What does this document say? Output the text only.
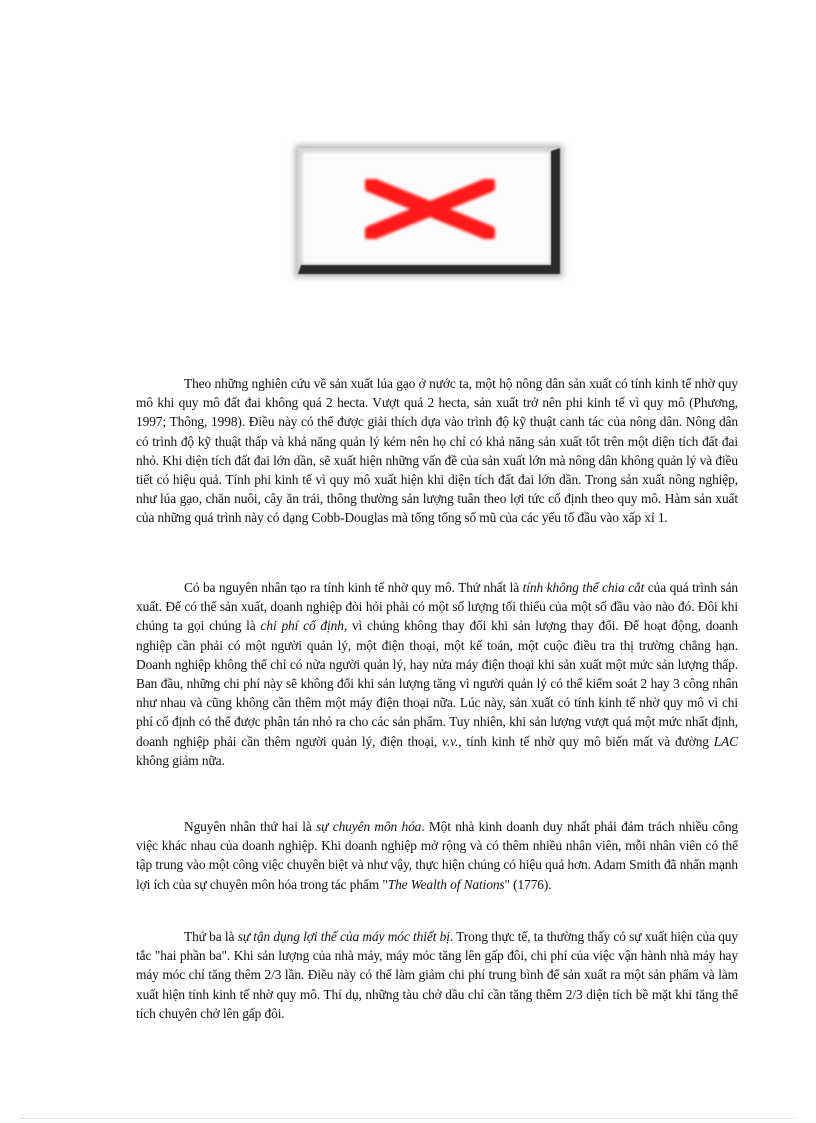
Theo những nghiên cứu về sản xuất lúa gạo ở nước ta, một hộ nông dân sản xuất có tính kinh tế nhờ quy mô khi quy mô đất đai không quá 2 hecta. Vượt quá 2 hecta, sản xuất trở nên phi kinh tế vì quy mô (Phương, 1997; Thông, 1998). Điều này có thể được giải thích dựa vào trình độ kỹ thuật canh tác của nông dân. Nông dân có trình độ kỹ thuật thấp và khả năng quản lý kém nên họ chỉ có khả năng sản xuất tốt trên một diện tích đất đai nhỏ. Khi diện tích đất đai lớn dần, sẽ xuất hiện những vấn đề của sản xuất lớn mà nông dân không quản lý và điều tiết có hiệu quả. Tính phi kinh tế vì quy mô xuất hiện khi diện tích đất đai lớn dần. Trong sản xuất nông nghiệp, như lúa gạo, chăn nuôi, cây ăn trái, thông thường sản lượng tuân theo lợi tức cố định theo quy mô. Hàm sản xuất của những quá trình này có dạng Cobb-Douglas mà tổng tổng số mũ của các yếu tố đầu vào xấp xỉ 1.

Có ba nguyên nhân tạo ra tính kinh tế nhờ quy mô. Thứ nhất là tính không thể chia cắt của quá trình sản xuất. Để có thể sản xuất, doanh nghiệp đòi hỏi phải có một số lượng tối thiểu của một số đầu vào nào đó. Đôi khi chúng ta gọi chúng là chi phí cố định, vì chúng không thay đổi khi sản lượng thay đổi. Để hoạt động, doanh nghiệp cần phải có một người quản lý, một điện thoại, một kế toán, một cuộc điều tra thị trường chẳng hạn. Doanh nghiệp không thể chỉ có nửa người quản lý, hay nửa máy điện thoại khi sản xuất một mức sản lượng thấp. Ban đầu, những chi phí này sẽ không đổi khi sản lượng tăng vì người quản lý có thể kiểm soát 2 hay 3 công nhân như nhau và cũng không cần thêm một máy điện thoại nữa. Lúc này, sản xuất có tính kinh tế nhờ quy mô vì chi phí cố định có thể được phân tán nhỏ ra cho các sản phẩm. Tuy nhiên, khi sản lượng vượt quá một mức nhất định, doanh nghiệp phải cần thêm người quản lý, điện thoại, v.v., tính kinh tế nhờ quy mô biến mất và đường LAC không giảm nữa.

Nguyên nhân thứ hai là sự chuyên môn hóa. Một nhà kinh doanh duy nhất phải đảm trách nhiều công việc khác nhau của doanh nghiệp. Khi doanh nghiệp mở rộng và có thêm nhiều nhân viên, mỗi nhân viên có thể tập trung vào một công việc chuyên biệt và như vậy, thực hiện chúng có hiệu quả hơn. Adam Smith đã nhấn mạnh lợi ích của sự chuyên môn hóa trong tác phẩm "The Wealth of Nations" (1776).

Thứ ba là sự tận dụng lợi thế của máy móc thiết bị. Trong thực tế, ta thường thấy có sự xuất hiện của quy tắc "hai phần ba". Khi sản lượng của nhà máy, máy móc tăng lên gấp đôi, chi phí của việc vận hành nhà máy hay máy móc chỉ tăng thêm 2/3 lần. Điều này có thể làm giảm chi phí trung bình để sản xuất ra một sản phẩm và làm xuất hiện tính kinh tế nhờ quy mô. Thí dụ, những tàu chở dầu chỉ cần tăng thêm 2/3 diện tích bề mặt khi tăng thể tích chuyên chở lên gấp đôi.
